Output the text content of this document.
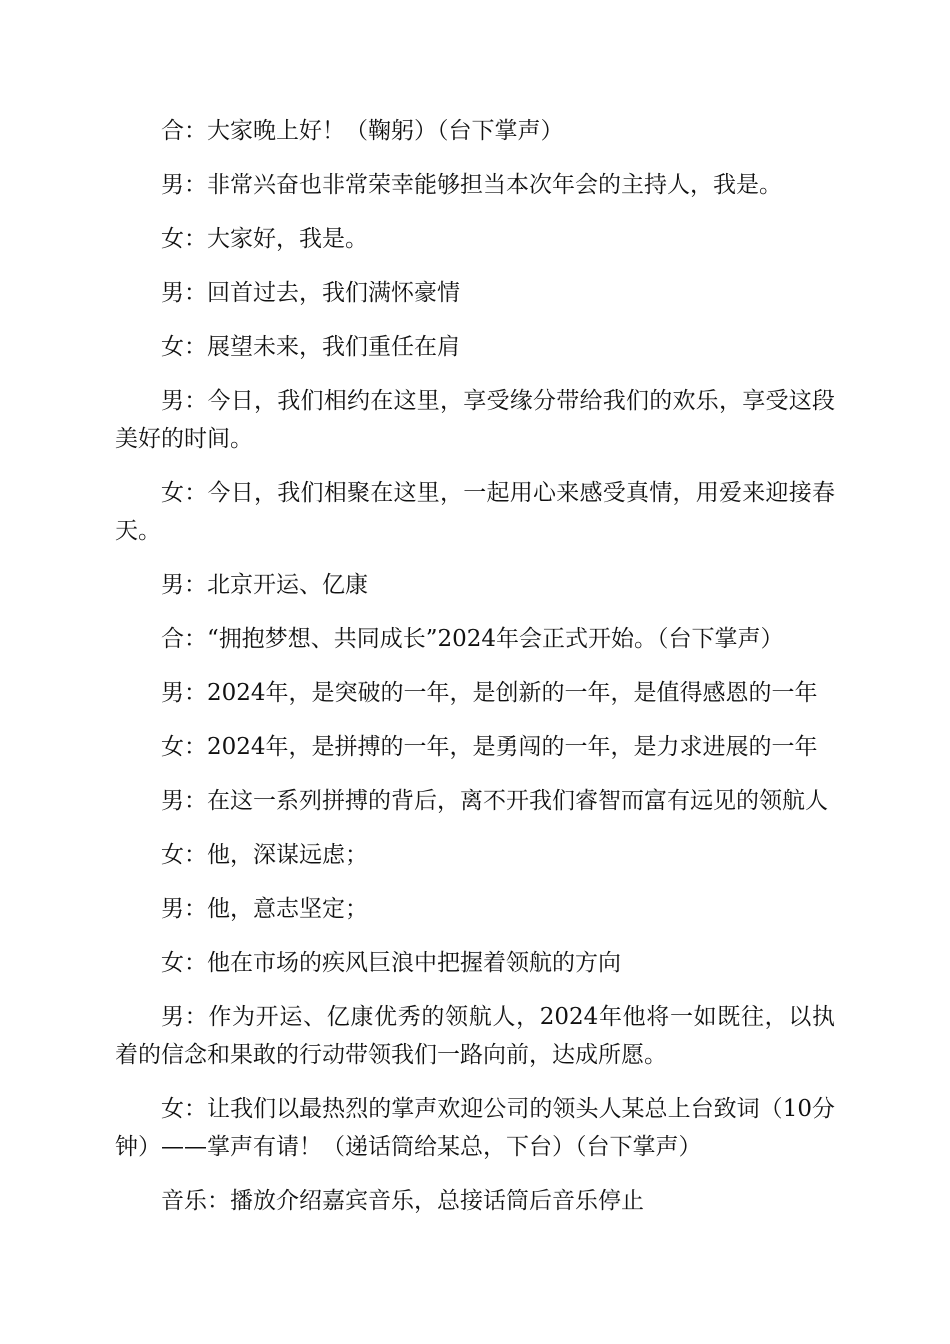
合：大家晚上好！（鞠躬）（台下掌声）

男：非常兴奋也非常荣幸能够担当本次年会的主持人，我是。

女：大家好，我是。

男：回首过去，我们满怀豪情

女：展望未来，我们重任在肩

男：今日，我们相约在这里，享受缘分带给我们的欢乐，享受这段美好的时间。

女：今日，我们相聚在这里，一起用心来感受真情，用爱来迎接春天。

男：北京开运、亿康

合：“拥抱梦想、共同成长”2024年会正式开始。（台下掌声）

男：2024年，是突破的一年，是创新的一年，是值得感恩的一年

女：2024年，是拼搏的一年，是勇闯的一年，是力求进展的一年

男：在这一系列拼搏的背后，离不开我们睿智而富有远见的领航人

女：他，深谋远虑；

男：他，意志坚定；

女：他在市场的疾风巨浪中把握着领航的方向

男：作为开运、亿康优秀的领航人，2024年他将一如既往，以执着的信念和果敢的行动带领我们一路向前，达成所愿。

女：让我们以最热烈的掌声欢迎公司的领头人某总上台致词（10分钟）——掌声有请！（递话筒给某总，下台）（台下掌声）

音乐：播放介绍嘉宾音乐，总接话筒后音乐停止
